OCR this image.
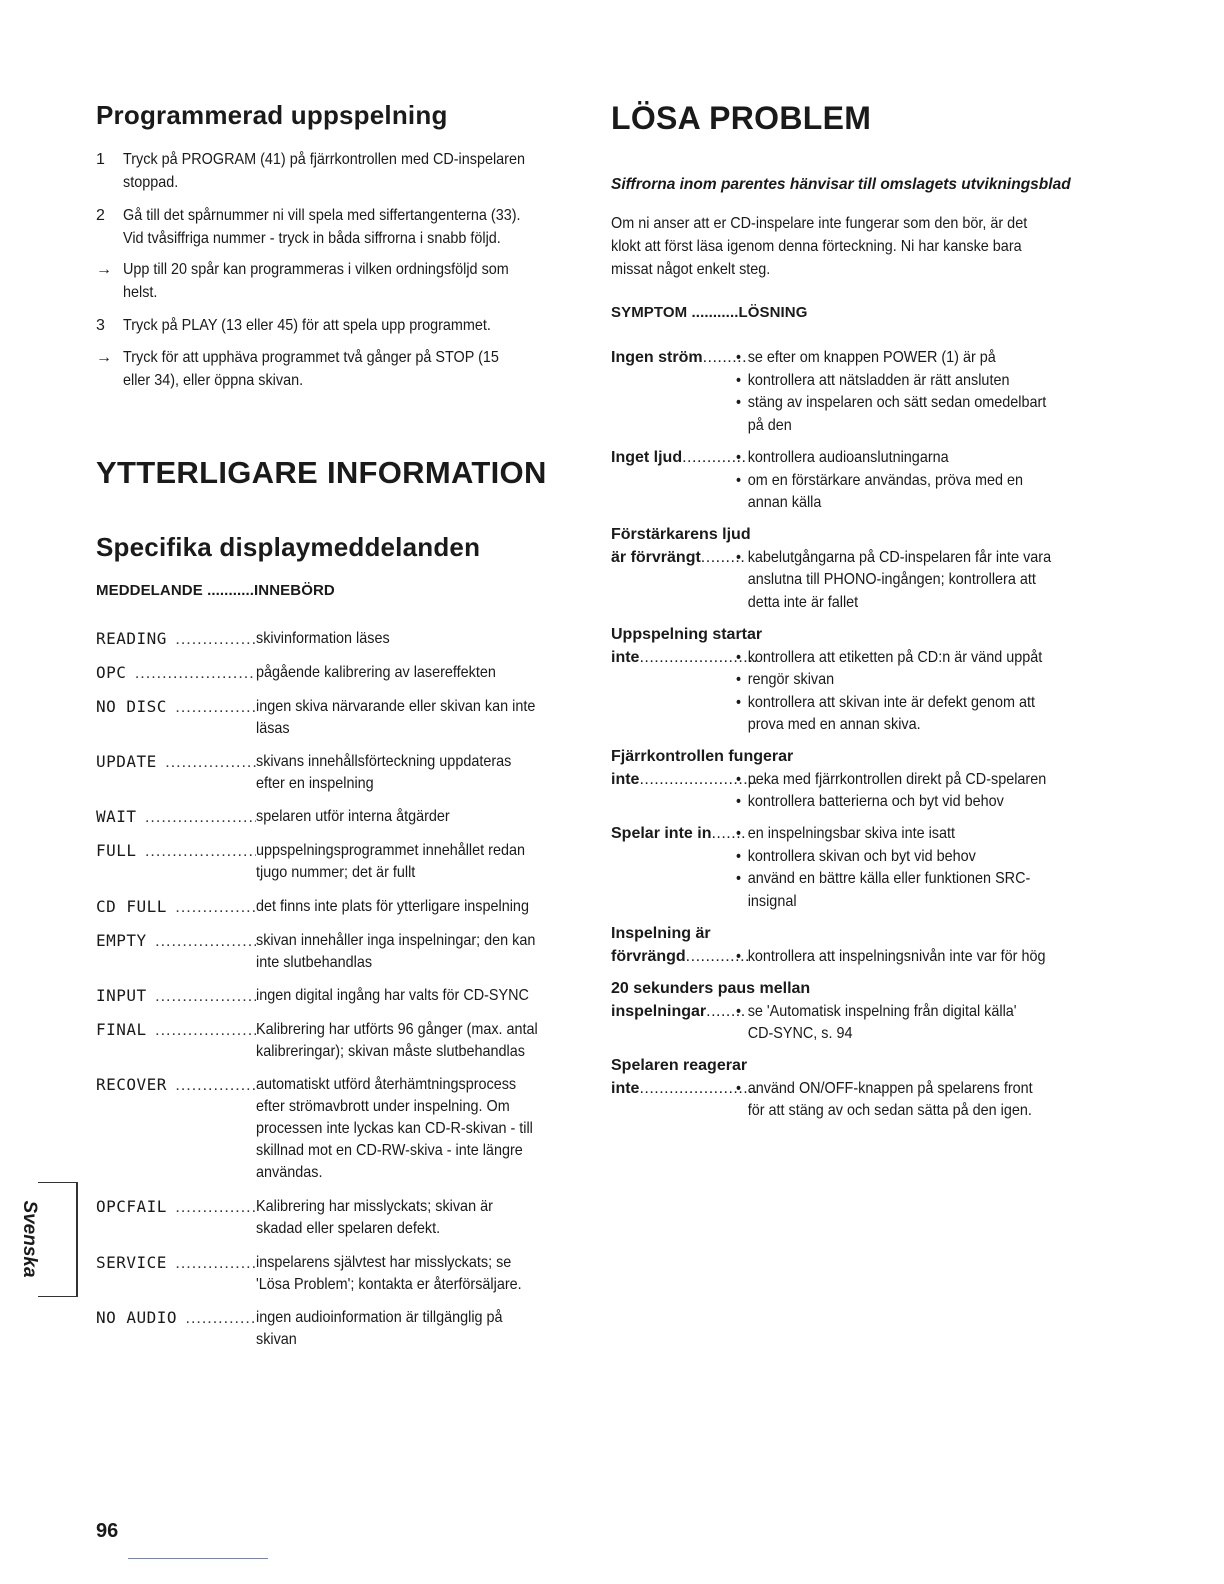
Programmerad uppspelning
1	Tryck på PROGRAM (41) på fjärrkontrollen med CD-inspelaren
stoppad.
2	Gå till det spårnummer ni vill spela med siffertangenterna (33).
Vid tvåsiffriga nummer - tryck in båda siffrorna i snabb följd.
→ Upp till 20 spår kan programmeras i vilken ordningsföljd som
helst.
3	Tryck på PLAY (13 eller 45) för att spela upp programmet.
→ Tryck för att upphäva programmet två gånger på STOP (15
eller 34), eller öppna skivan.
YTTERLIGARE INFORMATION
Specifika displaymeddelanden
MEDDELANDE ...........INNEBÖRD
READING .....	skivinformation läses
OPC .....	pågående kalibrering av lasereffekten
NO DISC .....	ingen skiva närvarande eller skivan kan inte
läsas
UPDATE .....	skivans innehållsförteckning uppdateras
efter en inspelning
WAIT .....	spelaren utför interna åtgärder
FULL .....	uppspelningsprogrammet innehållet redan
tjugo nummer; det är fullt
CD FULL .....	det finns inte plats för ytterligare inspelning
EMPTY .....	skivan innehåller inga inspelningar; den kan
inte slutbehandlas
INPUT .....	ingen digital ingång har valts för CD-SYNC
FINAL .....	Kalibrering har utförts 96 gånger (max. antal
kalibreringar); skivan måste slutbehandlas
RECOVER .....	automatiskt utförd återhämtningsprocess
efter strömavbrott under inspelning. Om
processen inte lyckas kan CD-R-skivan - till
skillnad mot en CD-RW-skiva - inte längre
användas.
OPCFAIL .....	Kalibrering har misslyckats; skivan är
skadad eller spelaren defekt.
SERVICE .....	inspelarens självtest har misslyckats; se
'Lösa Problem'; kontakta er återförsäljare.
NO AUDIO .....	ingen audioinformation är tillgänglig på
skivan
LÖSA PROBLEM
Siffrorna inom parentes hänvisar till omslagets utvikningsblad
Om ni anser att er CD-inspelare inte fungerar som den bör, är det
klokt att först läsa igenom denna förteckning. Ni har kanske bara
missat något enkelt steg.
SYMPTOM ...........LÖSNING
Ingen ström......... • se efter om knappen POWER (1) är på
• kontrollera att nätsladden är rätt ansluten
• stäng av inspelaren och sätt sedan omedelbart
på den
Inget ljud............. • kontrollera audioanslutningarna
• om en förstärkare användas, pröva med en
annan källa
Förstärkarens ljud
är förvrängt......... • kabelutgångarna på CD-inspelaren får inte vara
anslutna till PHONO-ingången; kontrollera att
detta inte är fallet
Uppspelning startar
inte........................
• kontrollera att etiketten på CD:n är vänd uppåt
• rengör skivan
• kontrollera att skivan inte är defekt genom att
prova med en annan skiva.
Fjärrkontrollen fungerar
inte........................
• peka med fjärrkontrollen direkt på CD-spelaren
• kontrollera batterierna och byt vid behov
Spelar inte in....... • en inspelningsbar skiva inte isatt
• kontrollera skivan och byt vid behov
• använd en bättre källa eller funktionen SRC-
insignal
Inspelning är
förvrängd.............
• kontrollera att inspelningsnivån inte var för hög
20 sekunders paus mellan
inspelningar........ • se 'Automatisk inspelning från digital källa'
CD-SYNC, s. 94
Spelaren reagerar
inte........................
• använd ON/OFF-knappen på spelarens front
för att stäng av och sedan sätta på den igen.
Svenska
96
